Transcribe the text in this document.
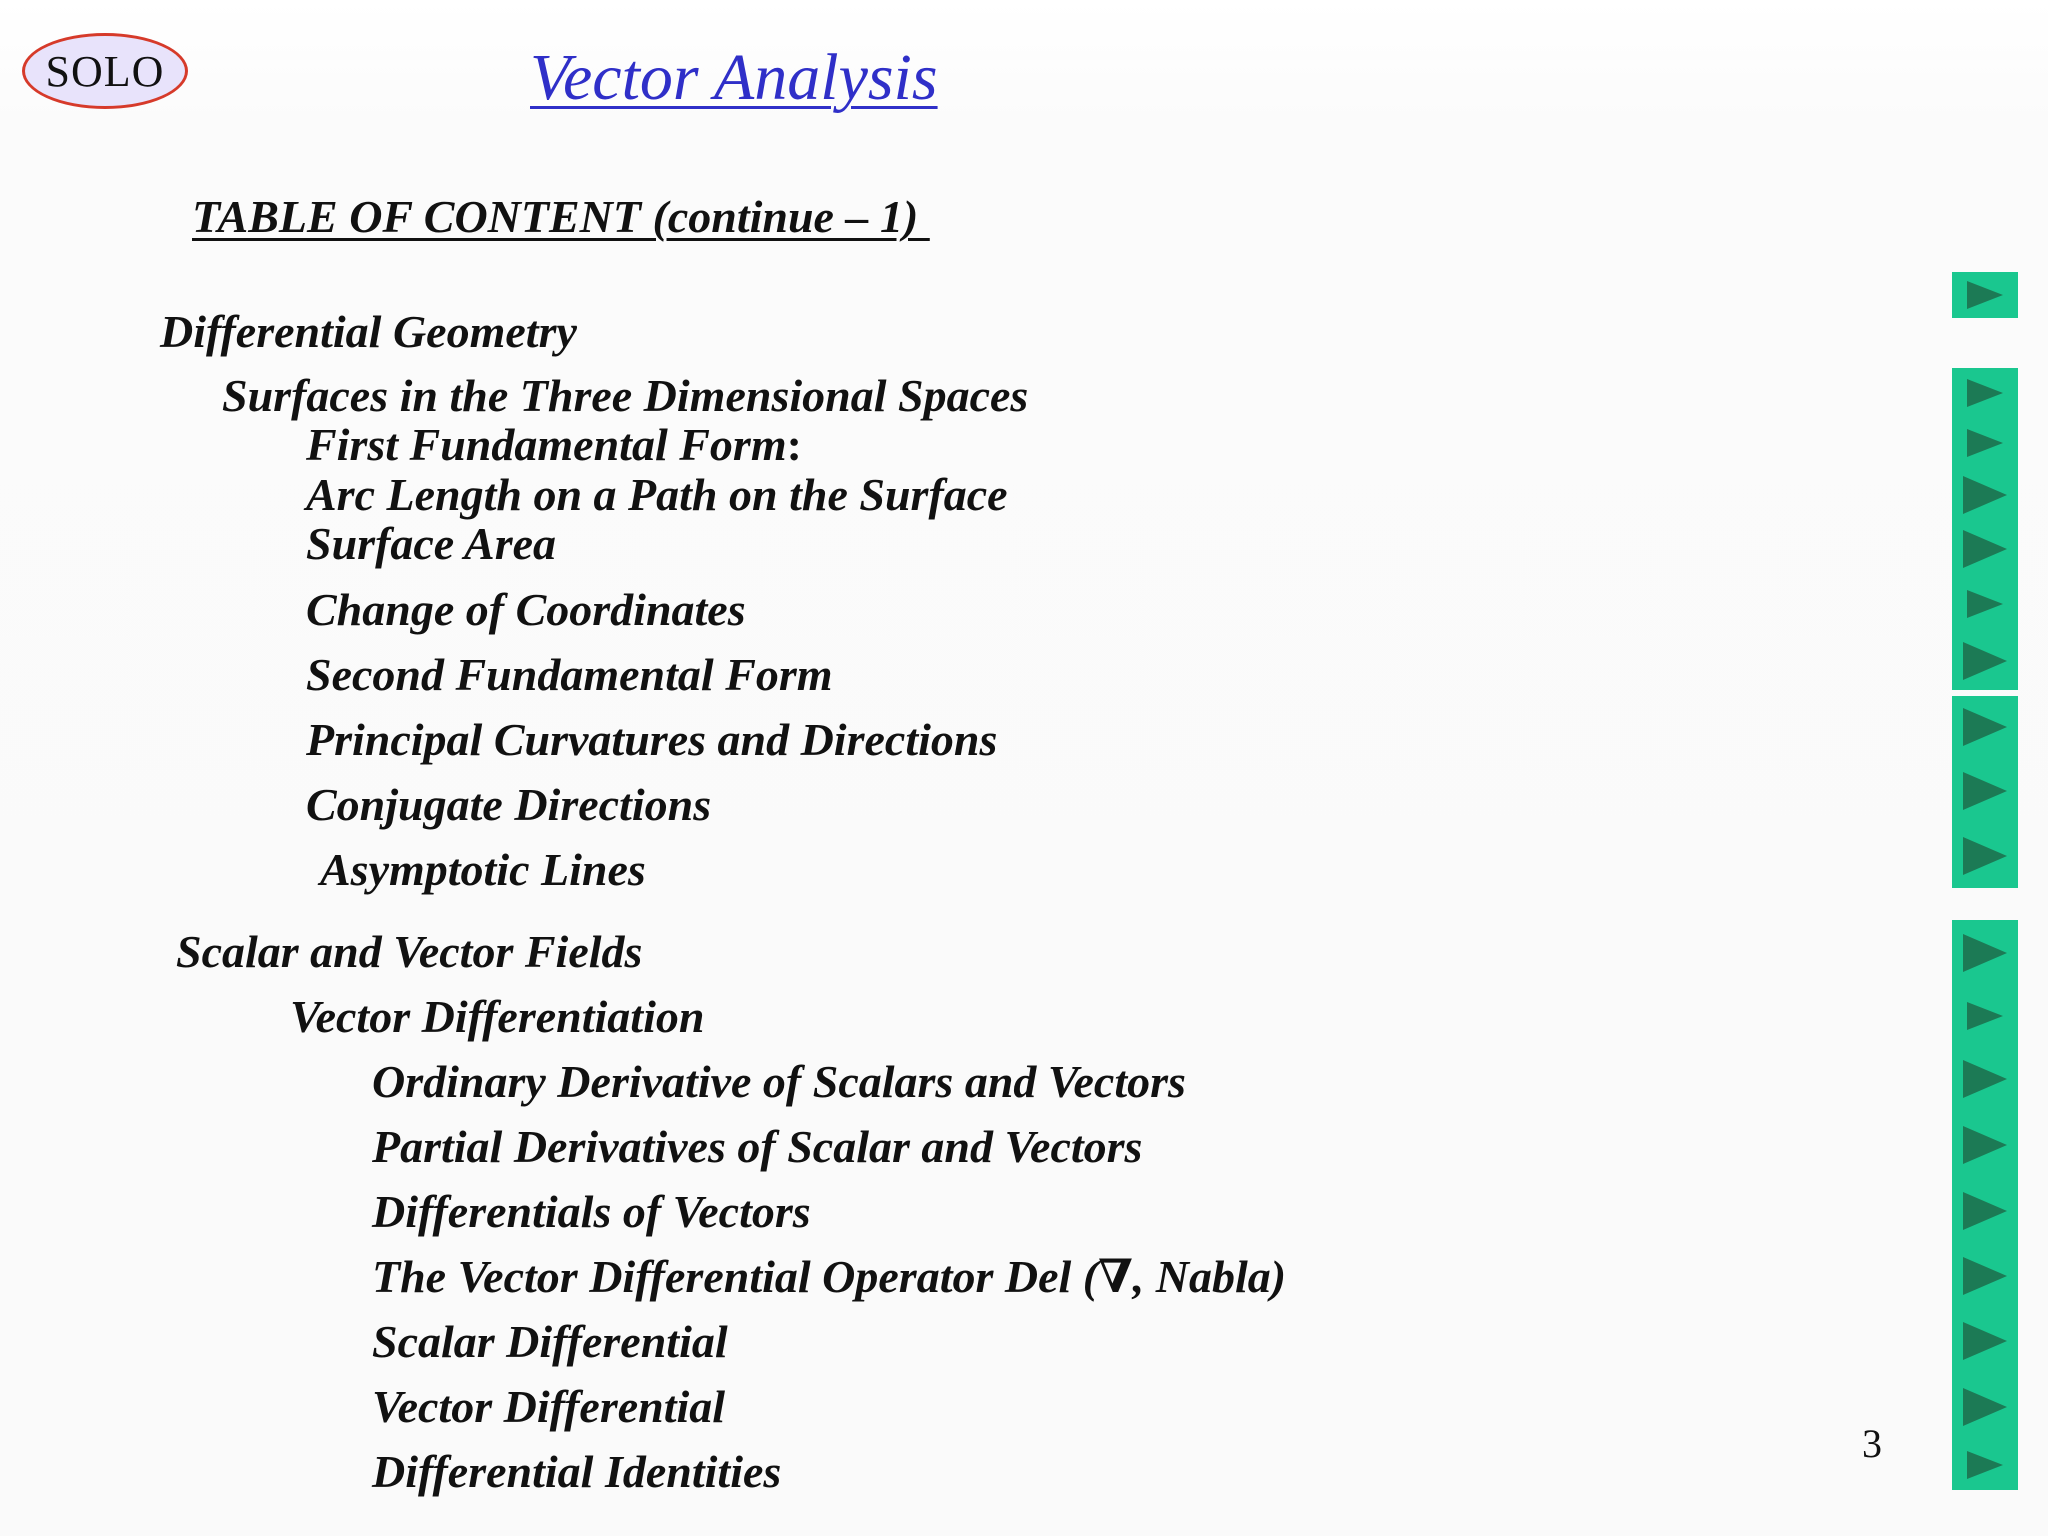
SOLO	Vector Analysis
TABLE OF CONTENT (continue – 1)
Differential Geometry
Surfaces in the Three Dimensional Spaces
First Fundamental Form:
Arc Length on a Path on the Surface
Surface Area
Change of Coordinates
Second Fundamental Form
Principal Curvatures and Directions
Conjugate Directions
Asymptotic Lines
Scalar and Vector Fields
Vector Differentiation
Ordinary Derivative of Scalars and Vectors
Partial Derivatives of Scalar and Vectors
Differentials of Vectors
The Vector Differential Operator Del (∇, Nabla)
Scalar Differential
Vector Differential
Differential Identities
3
